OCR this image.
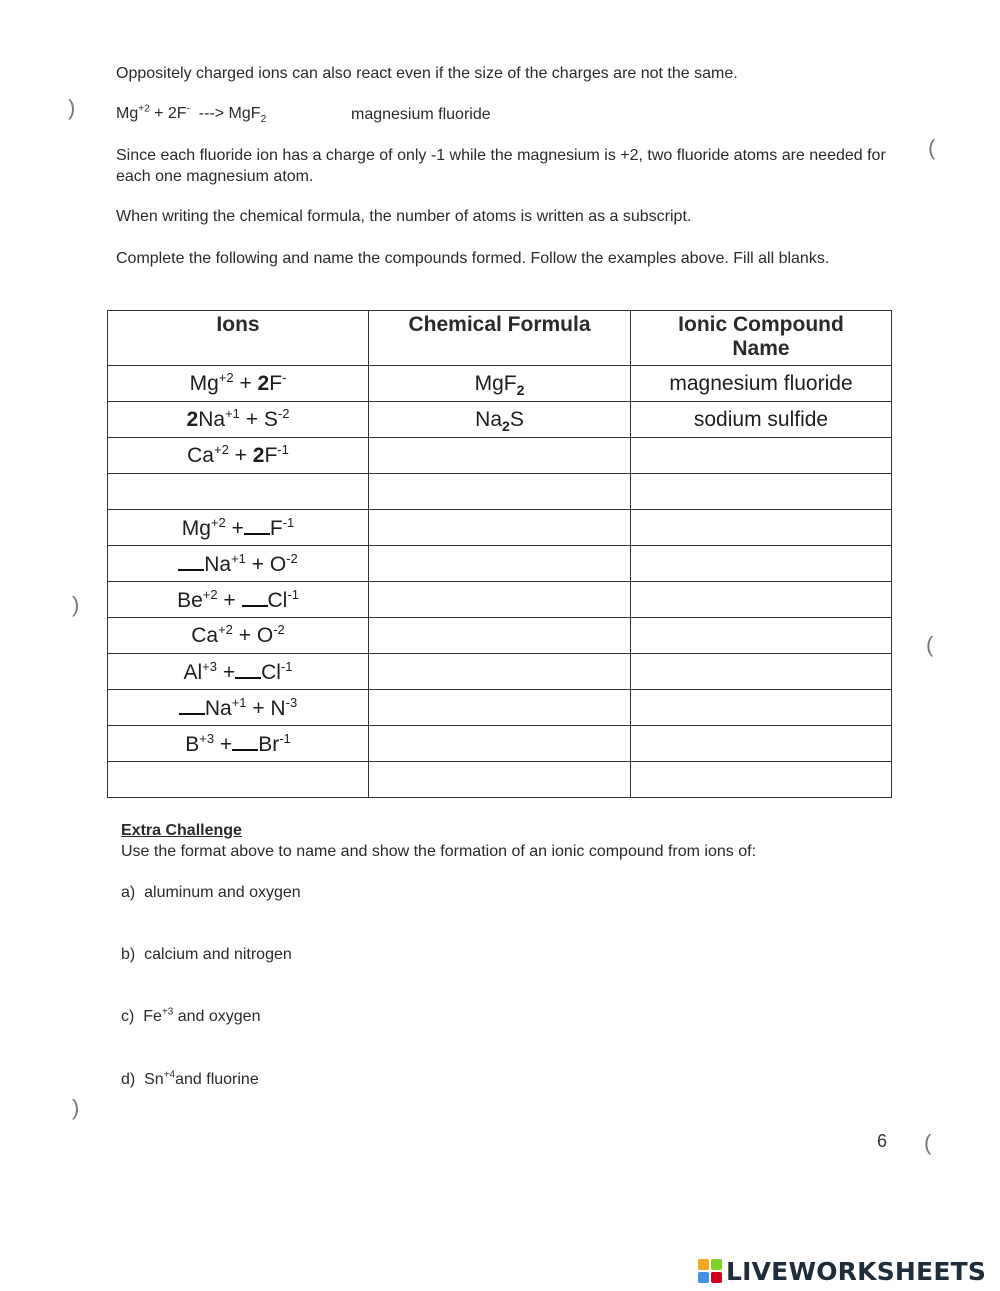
Oppositely charged ions can also react even if the size of the charges are not the same.
$Mg^{+2} + 2F^-$  ---> MgF$_2$	magnesium fluoride
Since each fluoride ion has a charge of only -1 while the magnesium is +2, two fluoride atoms are needed for each one magnesium atom.
When writing the chemical formula, the number of atoms is written as a subscript.
Complete the following and name the compounds formed. Follow the examples above. Fill all blanks.
Ions	Chemical Formula	Ionic Compound Name
$Mg^{+2} + 2F^-$	MgF$_2$	magnesium fluoride
$2Na^{+1} + S^{-2}$	$Na_2S$	sodium sulfide
$Ca^{+2} + 2F^{-1}$		

$Mg^{+2} + F^{-1}$		
$Na^{+1} + O^{-2}$		
$Be^{+2} + Cl^{-1}$		
$Ca^{+2} + O^{-2}$		
$Al^{+3} + Cl^{-1}$		
$Na^{+1} + N^{-3}$		
$B^{+3} + Br^{-1}$		

Extra Challenge
Use the format above to name and show the formation of an ionic compound from ions of:
a) aluminum and oxygen
b) calcium and nitrogen
c) $Fe^{+3}$ and oxygen
d) $Sn^{+4}and$ fluorine
6
)
)
)
(
(
(
LIVEWORKSHEETS
